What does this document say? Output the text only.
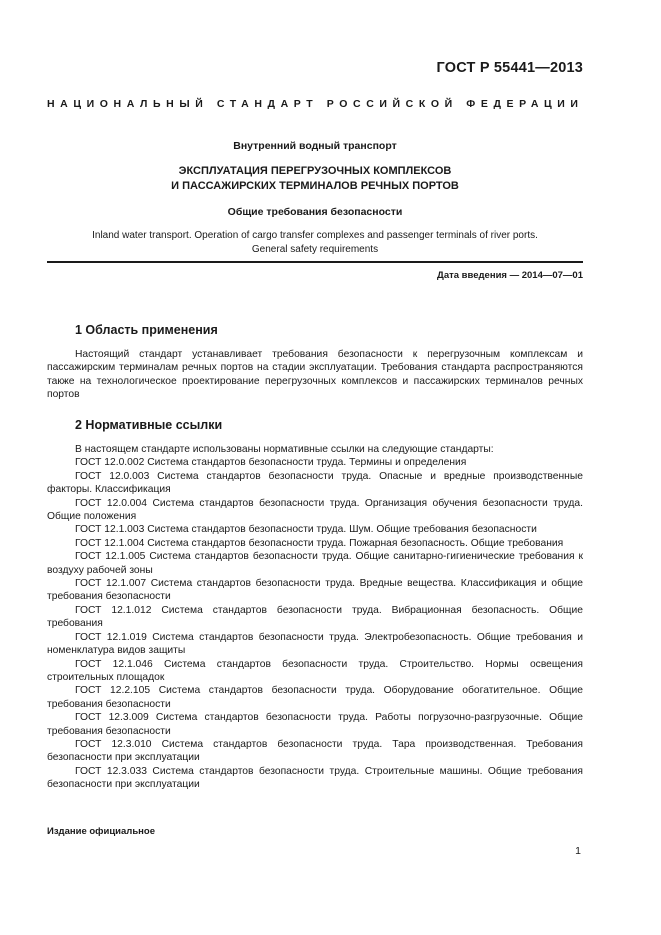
ГОСТ Р 55441—2013
НАЦИОНАЛЬНЫЙ СТАНДАРТ РОССИЙСКОЙ ФЕДЕРАЦИИ
Внутренний водный транспорт
ЭКСПЛУАТАЦИЯ ПЕРЕГРУЗОЧНЫХ КОМПЛЕКСОВ
И ПАССАЖИРСКИХ ТЕРМИНАЛОВ РЕЧНЫХ ПОРТОВ
Общие требования безопасности
Inland water transport. Operation of cargo transfer complexes and passenger terminals of river ports.
General safety requirements
Дата введения — 2014—07—01
1 Область применения

Настоящий стандарт устанавливает требования безопасности к перегрузочным комплексам и пассажирским терминалам речных портов на стадии эксплуатации. Требования стандарта распространяются также на технологическое проектирование перегрузочных комплексов и пассажирских терминалов речных портов

2 Нормативные ссылки

В настоящем стандарте использованы нормативные ссылки на следующие стандарты:

ГОСТ 12.0.002 Система стандартов безопасности труда. Термины и определения

ГОСТ 12.0.003 Система стандартов безопасности труда. Опасные и вредные производственные факторы. Классификация

ГОСТ 12.0.004 Система стандартов безопасности труда. Организация обучения безопасности труда. Общие положения

ГОСТ 12.1.003 Система стандартов безопасности труда. Шум. Общие требования безопасности

ГОСТ 12.1.004 Система стандартов безопасности труда. Пожарная безопасность. Общие требования

ГОСТ 12.1.005 Система стандартов безопасности труда. Общие санитарно-гигиенические требования к воздуху рабочей зоны

ГОСТ 12.1.007 Система стандартов безопасности труда. Вредные вещества. Классификация и общие требования безопасности

ГОСТ 12.1.012 Система стандартов безопасности труда. Вибрационная безопасность. Общие требования

ГОСТ 12.1.019 Система стандартов безопасности труда. Электробезопасность. Общие требования и номенклатура видов защиты

ГОСТ 12.1.046 Система стандартов безопасности труда. Строительство. Нормы освещения строительных площадок

ГОСТ 12.2.105 Система стандартов безопасности труда. Оборудование обогатительное. Общие требования безопасности

ГОСТ 12.3.009 Система стандартов безопасности труда. Работы погрузочно-разгрузочные. Общие требования безопасности

ГОСТ 12.3.010 Система стандартов безопасности труда. Тара производственная. Требования безопасности при эксплуатации

ГОСТ 12.3.033 Система стандартов безопасности труда. Строительные машины. Общие требования безопасности при эксплуатации

Издание официальное
1
